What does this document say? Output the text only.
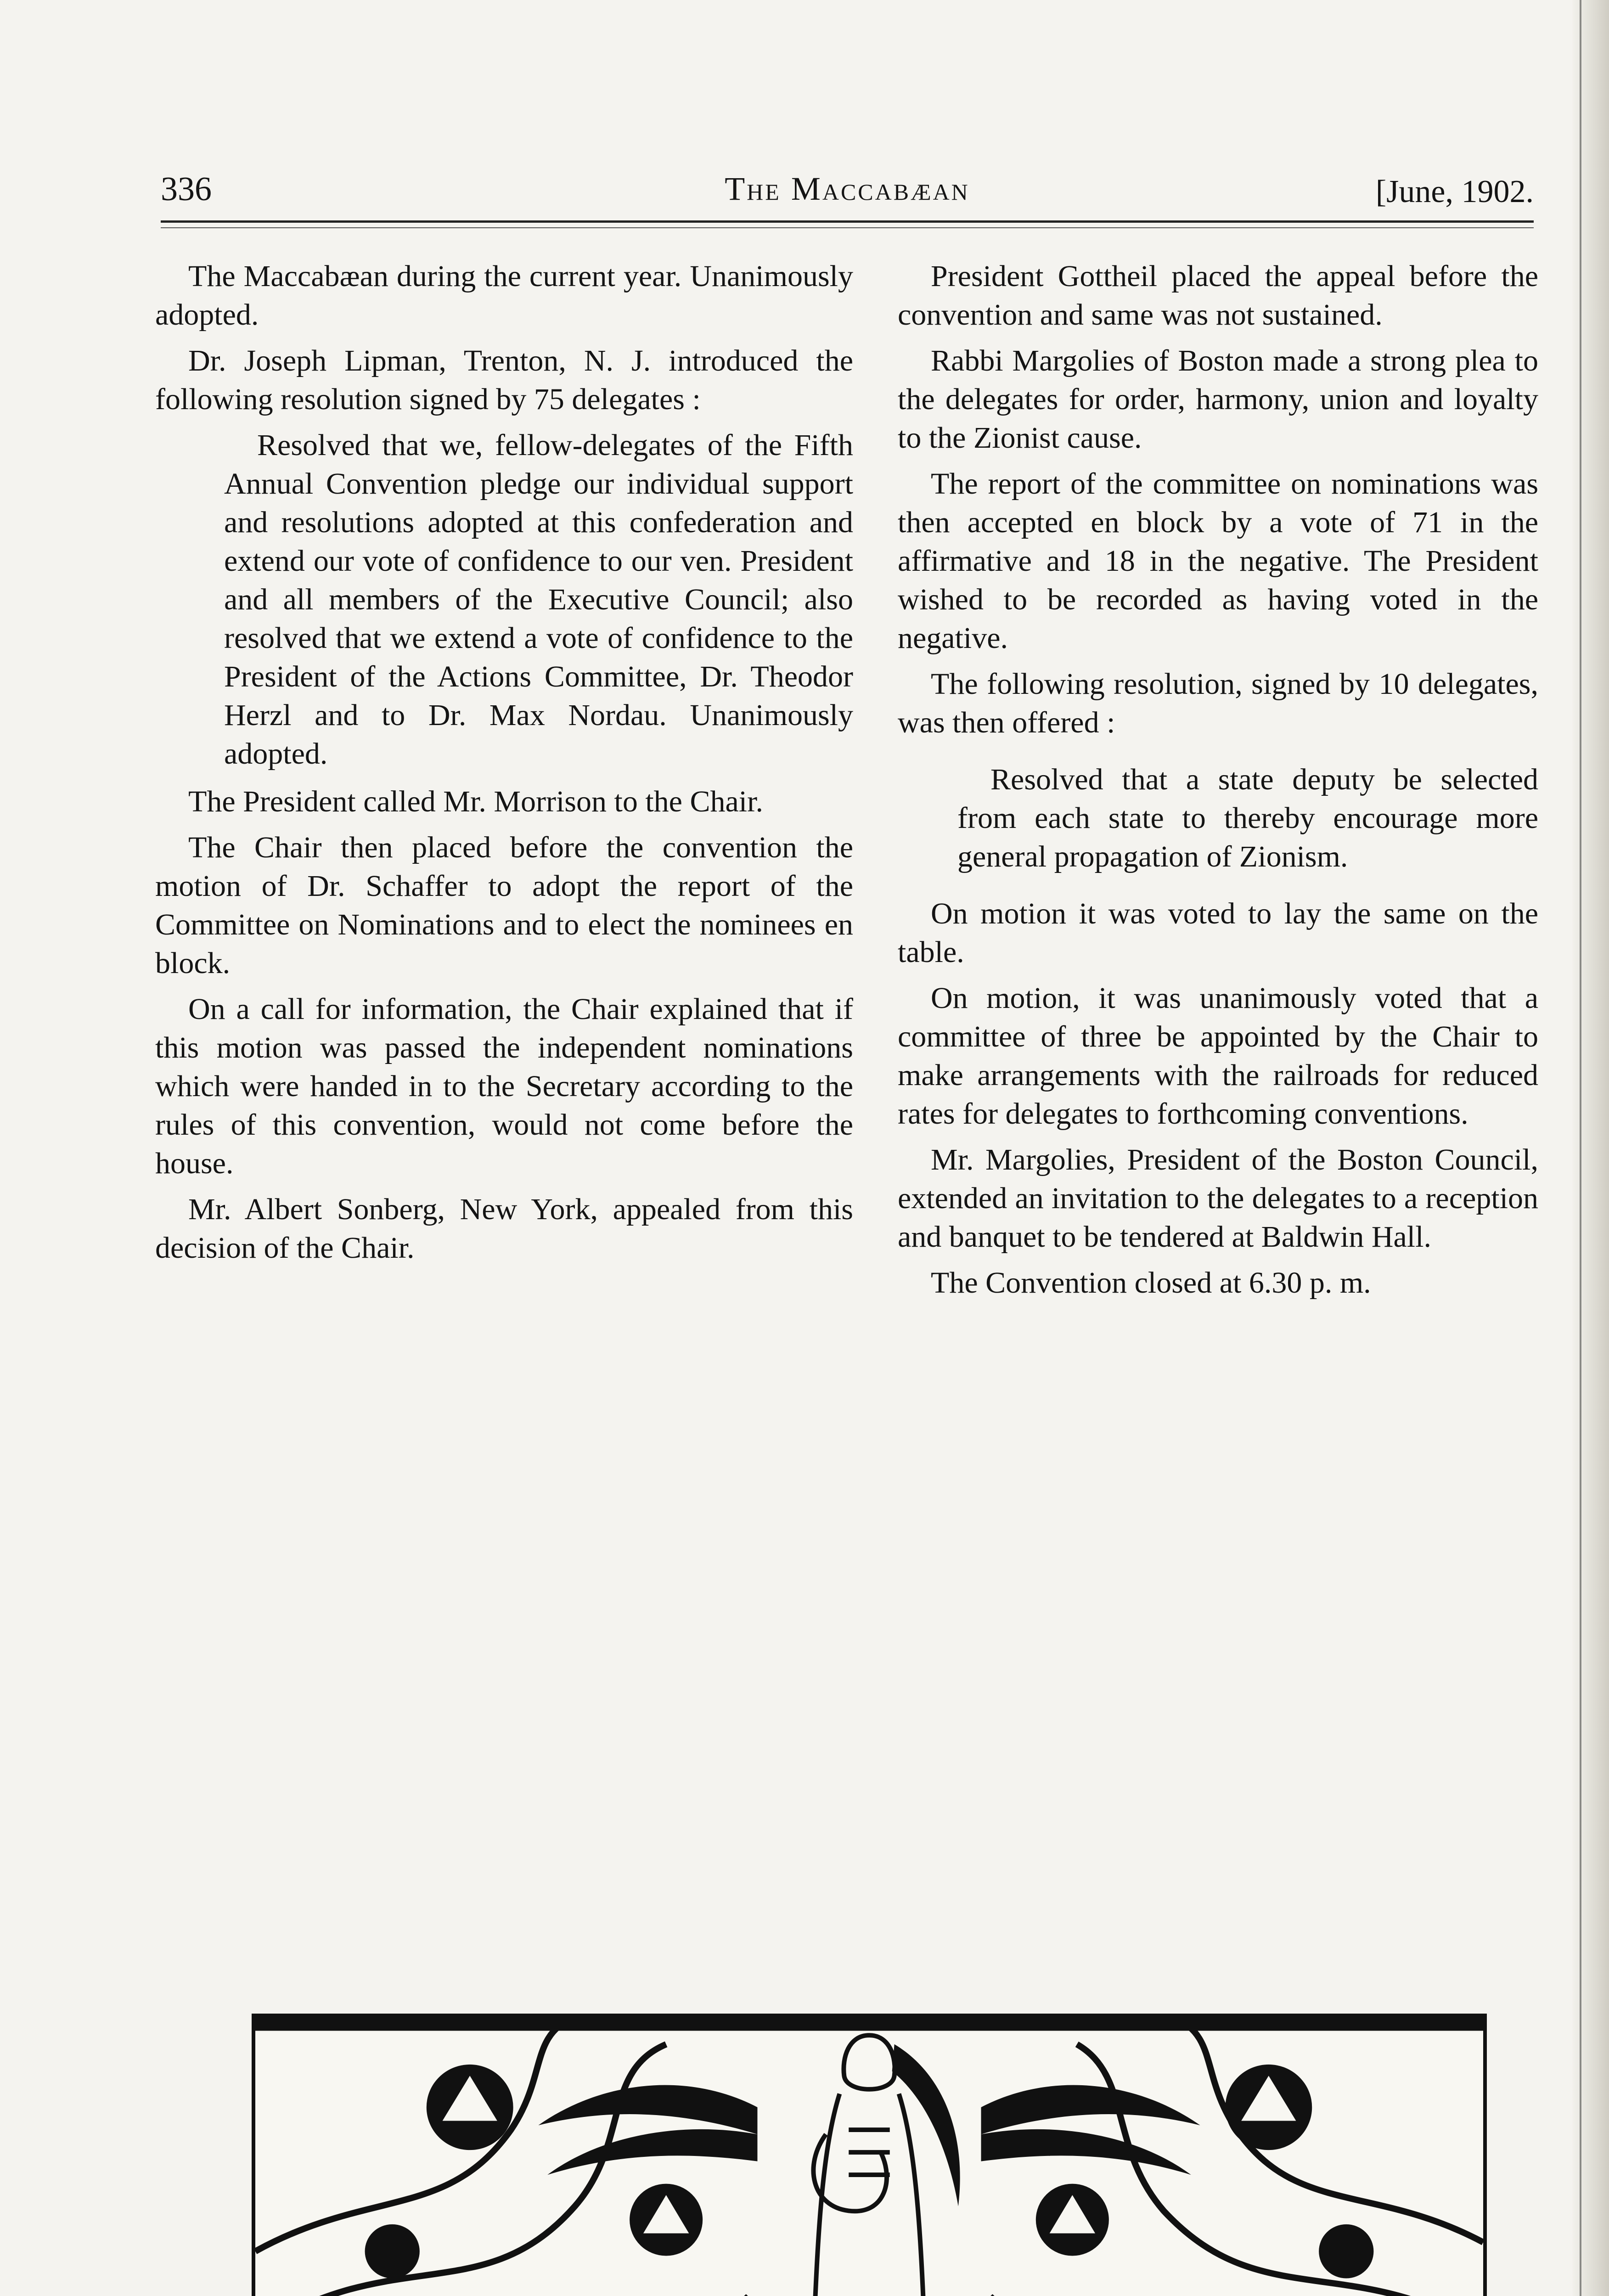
336	The Maccabæan	[June, 1902.

The Maccabæan during the current year. Unanimously adopted.

Dr. Joseph Lipman, Trenton, N. J. introduced the following resolution signed by 75 delegates :

Resolved that we, fellow-delegates of the Fifth Annual Convention pledge our individual support and resolutions adopted at this confederation and extend our vote of confidence to our ven. President and all members of the Executive Council; also resolved that we extend a vote of confidence to the President of the Actions Committee, Dr. Theodor Herzl and to Dr. Max Nordau. Unanimously adopted.

The President called Mr. Morrison to the Chair.

The Chair then placed before the convention the motion of Dr. Schaffer to adopt the report of the Committee on Nominations and to elect the nominees en block.

On a call for information, the Chair explained that if this motion was passed the independent nominations which were handed in to the Secretary according to the rules of this convention, would not come before the house.

Mr. Albert Sonberg, New York, appealed from this decision of the Chair.

President Gottheil placed the appeal before the convention and same was not sustained.

Rabbi Margolies of Boston made a strong plea to the delegates for order, harmony, union and loyalty to the Zionist cause.

The report of the committee on nominations was then accepted en block by a vote of 71 in the affirmative and 18 in the negative. The President wished to be recorded as having voted in the negative.

The following resolution, signed by 10 delegates, was then offered :

Resolved that a state deputy be selected from each state to thereby encourage more general propagation of Zionism.

On motion it was voted to lay the same on the table.

On motion, it was unanimously voted that a committee of three be appointed by the Chair to make arrangements with the railroads for reduced rates for delegates to forthcoming conventions.

Mr. Margolies, President of the Boston Council, extended an invitation to the delegates to a reception and banquet to be tendered at Baldwin Hall.

The Convention closed at 6.30 p. m.
